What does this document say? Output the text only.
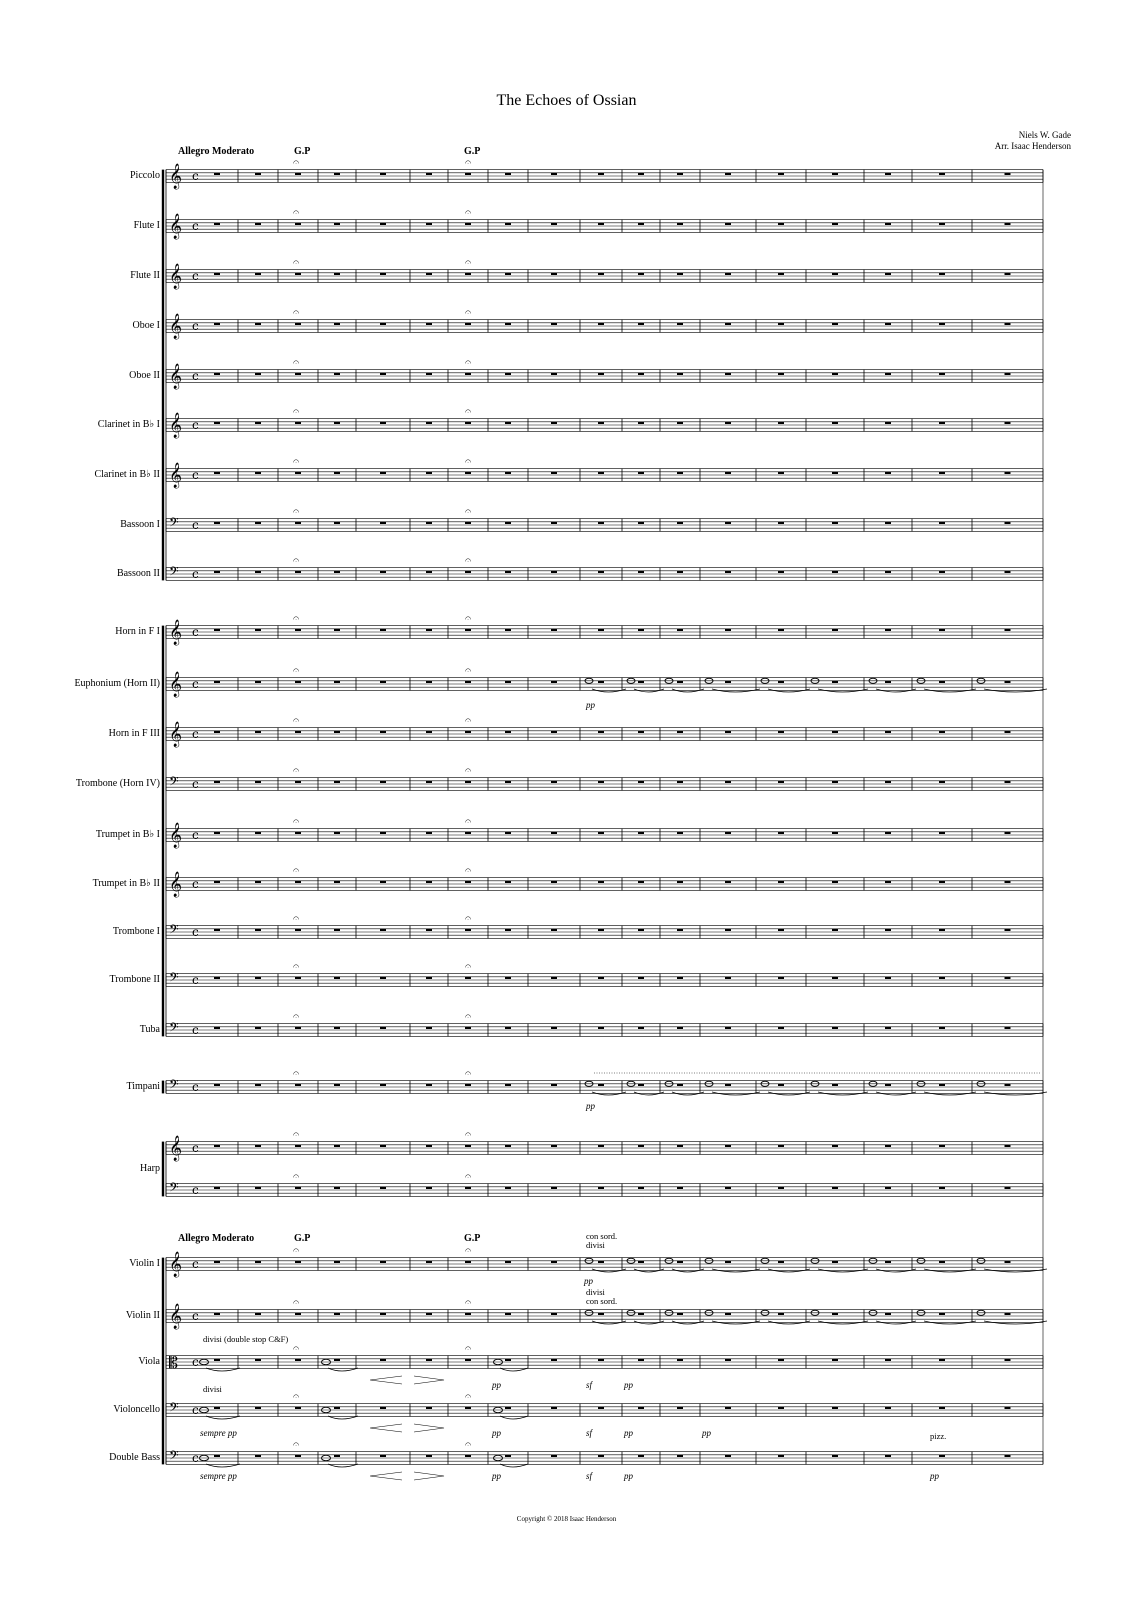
The Echoes of Ossian
Niels W. Gade
Arr. Isaac Henderson
Allegro Moderato	G.P	G.P
Allegro Moderato	G.P	G.P
𝄞 c
𝄐	𝄐
𝄞 c
𝄐	𝄐
𝄞 c
𝄐	𝄐
𝄞 c
𝄐	𝄐
𝄞 c
𝄐	𝄐
𝄞 c
𝄐	𝄐
𝄞 c
𝄐	𝄐
𝄢 c
𝄐	𝄐
𝄢 c
𝄐	𝄐
𝄞 c
𝄐	𝄐
𝄞 c
𝄐	𝄐
𝄞 c
𝄐	𝄐
𝄢 c
𝄐	𝄐
𝄞 c
𝄐	𝄐
𝄞 c
𝄐	𝄐
𝄢 c
𝄐	𝄐
𝄢 c
𝄐	𝄐
𝄢 c
𝄐	𝄐
𝄢 c
𝄐	𝄐
𝄞 c
𝄐	𝄐
𝄢 c
𝄐	𝄐
𝄞 c
𝄐	𝄐
𝄞 c
𝄐	𝄐
𝄡 c
𝄐	𝄐
𝄢 c
𝄐	𝄐
𝄢 c
𝄐	𝄐
Piccolo
Flute I
Flute II
Oboe I
Oboe II
Clarinet in B♭ I
Clarinet in B♭ II
Bassoon I
Bassoon II
Horn in F I
Euphonium (Horn II)
Horn in F III
Trombone (Horn IV)
Trumpet in B♭ I
Trumpet in B♭ II
Trombone I
Trombone II
Tuba
Timpani
Harp
Violin I
Violin II
Viola
Violoncello
Double Bass
con sord.
divisi
pp
divisi
con sord.
divisi (double stop C&F)
divisi
sempre pp
sempre pp
pp
pp
pp
sf	pp
sf	pp	pp
sf	pp
pizz.
pp
pp
pp
Copyright © 2018 Isaac Henderson
